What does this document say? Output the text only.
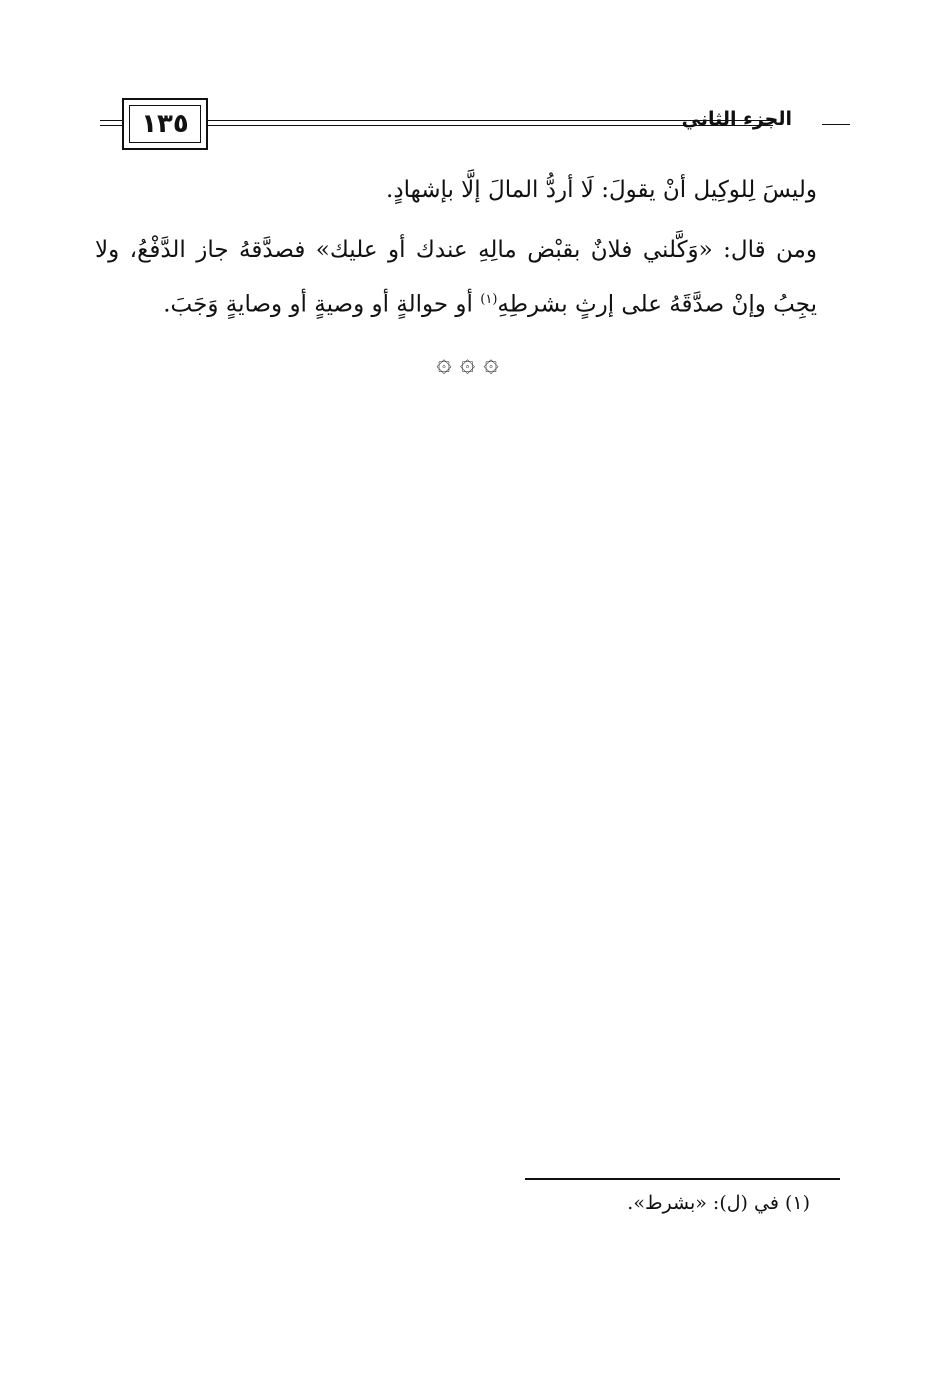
١٣٥	الجزء الثاني

وليسَ لِلوكِيل أنْ يقولَ: لَا أردُّ المالَ إلَّا بإشهادٍ.

ومن قال: «وَكَّلني فلانٌ بقبْض مالِهِ عندك أو عليك» فصدَّقهُ جاز الدَّفْعُ، ولا يجِبُ وإنْ صدَّقَهُ على إرثٍ بشرطِهِ$^{(١)}$ أو حوالةٍ أو وصيةٍ أو وصايةٍ وَجَبَ.

۞ ۞ ۞
(١) في (ل): «بشرط».
